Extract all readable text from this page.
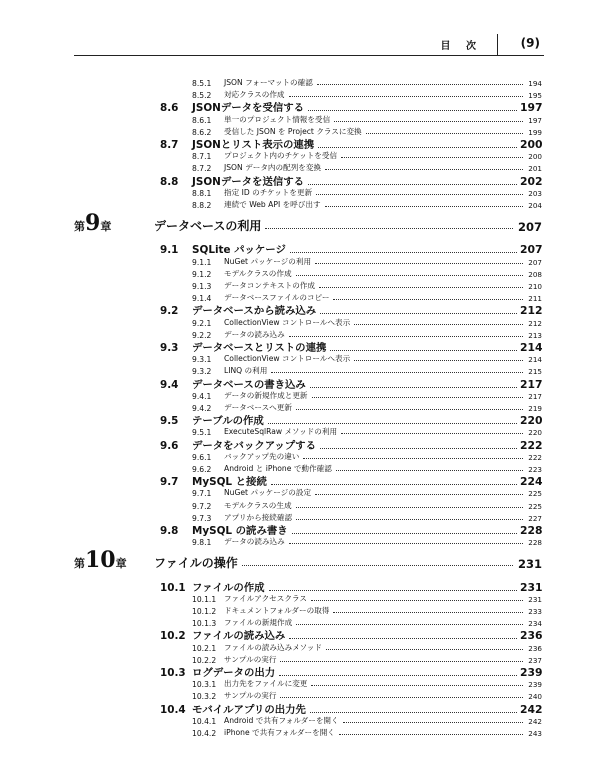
目 次	(9)
8.5.1	JSON フォーマットの確認	194
8.5.2	対応クラスの作成	195
8.6	JSONデータを受信する	197
8.6.1	単一のプロジェクト情報を受信	197
8.6.2	受信した JSON を Project クラスに変換	199
8.7	JSONとリスト表示の連携	200
8.7.1	プロジェクト内のチケットを受信	200
8.7.2	JSON データ内の配列を変換	201
8.8	JSONデータを送信する	202
8.8.1	指定 ID のチケットを更新	203
8.8.2	連続で Web API を呼び出す	204
第9章	データベースの利用	207
9.1	SQLite パッケージ	207
9.1.1	NuGet パッケージの利用	207
9.1.2	モデルクラスの作成	208
9.1.3	データコンテキストの作成	210
9.1.4	データベースファイルのコピー	211
9.2	データベースから読み込み	212
9.2.1	CollectionView コントロールへ表示	212
9.2.2	データの読み込み	213
9.3	データベースとリストの連携	214
9.3.1	CollectionView コントロールへ表示	214
9.3.2	LINQ の利用	215
9.4	データベースの書き込み	217
9.4.1	データの新規作成と更新	217
9.4.2	データベースへ更新	219
9.5	テーブルの作成	220
9.5.1	ExecuteSqlRaw メソッドの利用	220
9.6	データをバックアップする	222
9.6.1	バックアップ先の違い	222
9.6.2	Android と iPhone で動作確認	223
9.7	MySQL と接続	224
9.7.1	NuGet パッケージの設定	225
9.7.2	モデルクラスの生成	225
9.7.3	アプリから接続確認	227
9.8	MySQL の読み書き	228
9.8.1	データの読み込み	228
第10章	ファイルの操作	231
10.1 ファイルの作成	231
10.1.1	ファイルアクセスクラス	231
10.1.2	ドキュメントフォルダーの取得	233
10.1.3	ファイルの新規作成	234
10.2 ファイルの読み込み	236
10.2.1	ファイルの読み込みメソッド	236
10.2.2	サンプルの実行	237
10.3 ログデータの出力	239
10.3.1	出力先をファイルに変更	239
10.3.2	サンプルの実行	240
10.4 モバイルアプリの出力先	242
10.4.1	Android で共有フォルダーを開く	242
10.4.2	iPhone で共有フォルダーを開く	243
